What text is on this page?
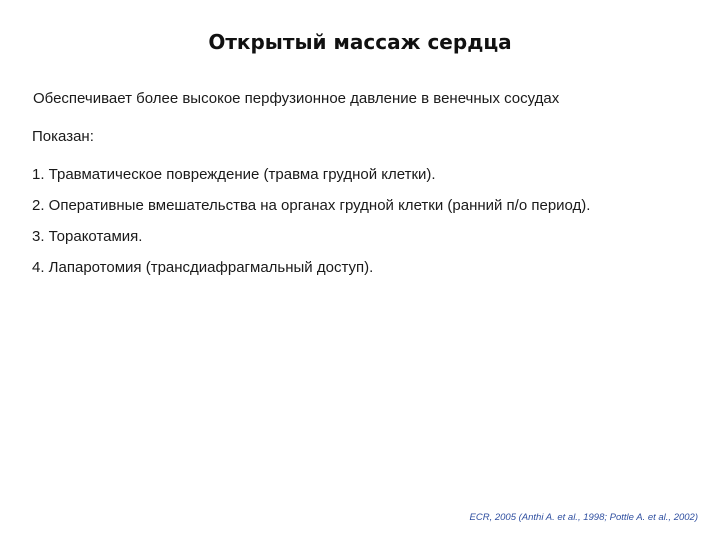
Открытый массаж сердца
Обеспечивает более высокое перфузионное давление в венечных сосудах
Показан:
1. Травматическое повреждение (травма грудной клетки).
2. Оперативные вмешательства на органах грудной клетки (ранний п/о период).
3. Торакотамия.
4. Лапаротомия (трансдиафрагмальный доступ).
ECR, 2005 (Anthi A. et al., 1998; Pottle A. et al., 2002)
